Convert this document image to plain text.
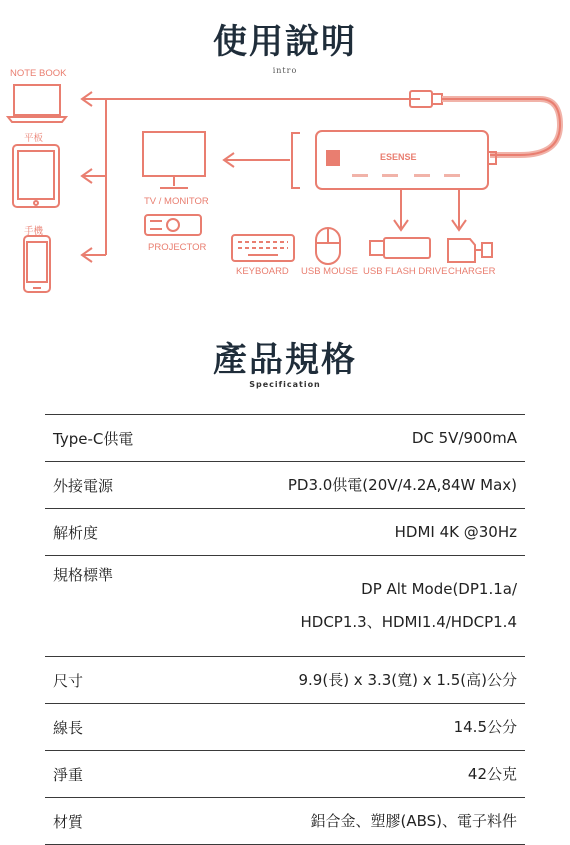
使用說明
intro
ESENSE
NOTE BOOK
平板
手機
TV / MONITOR
PROJECTOR
KEYBOARD USB MOUSE USB FLASH DRIVE CHARGER
產品規格
Specification
Type-C供電	DC 5V/900mA
外接電源	PD3.0供電(20V/4.2A,84W Max)
解析度	HDMI 4K @30Hz
規格標準	DP Alt Mode(DP1.1a/
HDCP1.3、HDMI1.4/HDCP1.4

尺寸	9.9(長) x 3.3(寬) x 1.5(高)公分
線長	14.5公分
淨重	42公克
材質	鋁合金、塑膠(ABS)、電子料件
